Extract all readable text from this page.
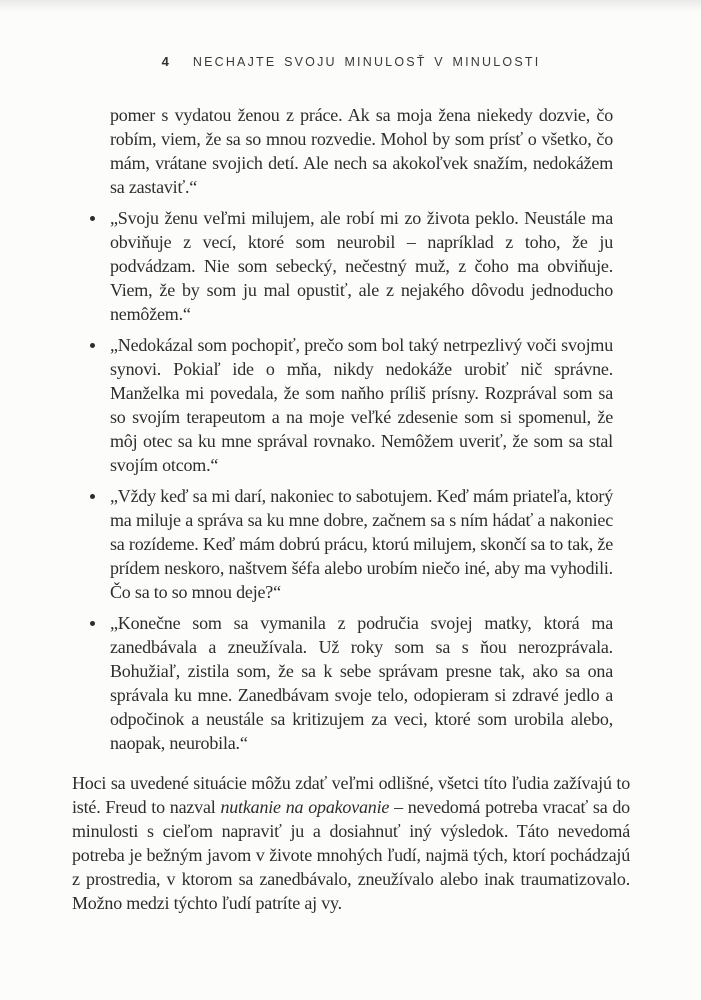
4 NECHAJTE SVOJU MINULOSŤ V MINULOSTI

pomer s vydatou ženou z práce. Ak sa moja žena niekedy dozvie, čo robím, viem, že sa so mnou rozvedie. Mohol by som prísť o všetko, čo mám, vrátane svojich detí. Ale nech sa akokoľvek snažím, nedokážem sa zastaviť.“

„Svoju ženu veľmi milujem, ale robí mi zo života peklo. Neustále ma obviňuje z vecí, ktoré som neurobil – napríklad z toho, že ju podvádzam. Nie som sebecký, nečestný muž, z čoho ma obviňuje. Viem, že by som ju mal opustiť, ale z nejakého dôvodu jednoducho nemôžem.“
„Nedokázal som pochopiť, prečo som bol taký netrpezlivý voči svojmu synovi. Pokiaľ ide o mňa, nikdy nedokáže urobiť nič správne. Manželka mi povedala, že som naňho príliš prísny. Rozprával som sa so svojím terapeutom a na moje veľké zdesenie som si spomenul, že môj otec sa ku mne správal rovnako. Nemôžem uveriť, že som sa stal svojím otcom.“
„Vždy keď sa mi darí, nakoniec to sabotujem. Keď mám priateľa, ktorý ma miluje a správa sa ku mne dobre, začnem sa s ním hádať a nakoniec sa rozídeme. Keď mám dobrú prácu, ktorú milujem, skončí sa to tak, že prídem neskoro, naštvem šéfa alebo urobím niečo iné, aby ma vyhodili. Čo sa to so mnou deje?“
„Konečne som sa vymanila z područia svojej matky, ktorá ma zanedbávala a zneužívala. Už roky som sa s ňou nerozprávala. Bohužiaľ, zistila som, že sa k sebe správam presne tak, ako sa ona správala ku mne. Zanedbávam svoje telo, odopieram si zdravé jedlo a odpočinok a neustále sa kritizujem za veci, ktoré som urobila alebo, naopak, neurobila.“

Hoci sa uvedené situácie môžu zdať veľmi odlišné, všetci títo ľudia zažívajú to isté. Freud to nazval nutkanie na opakovanie – nevedomá potreba vracať sa do minulosti s cieľom napraviť ju a dosiahnuť iný výsledok. Táto nevedomá potreba je bežným javom v živote mnohých ľudí, najmä tých, ktorí pochádzajú z prostredia, v ktorom sa zanedbávalo, zneužívalo alebo inak traumatizovalo. Možno medzi týchto ľudí patríte aj vy.
